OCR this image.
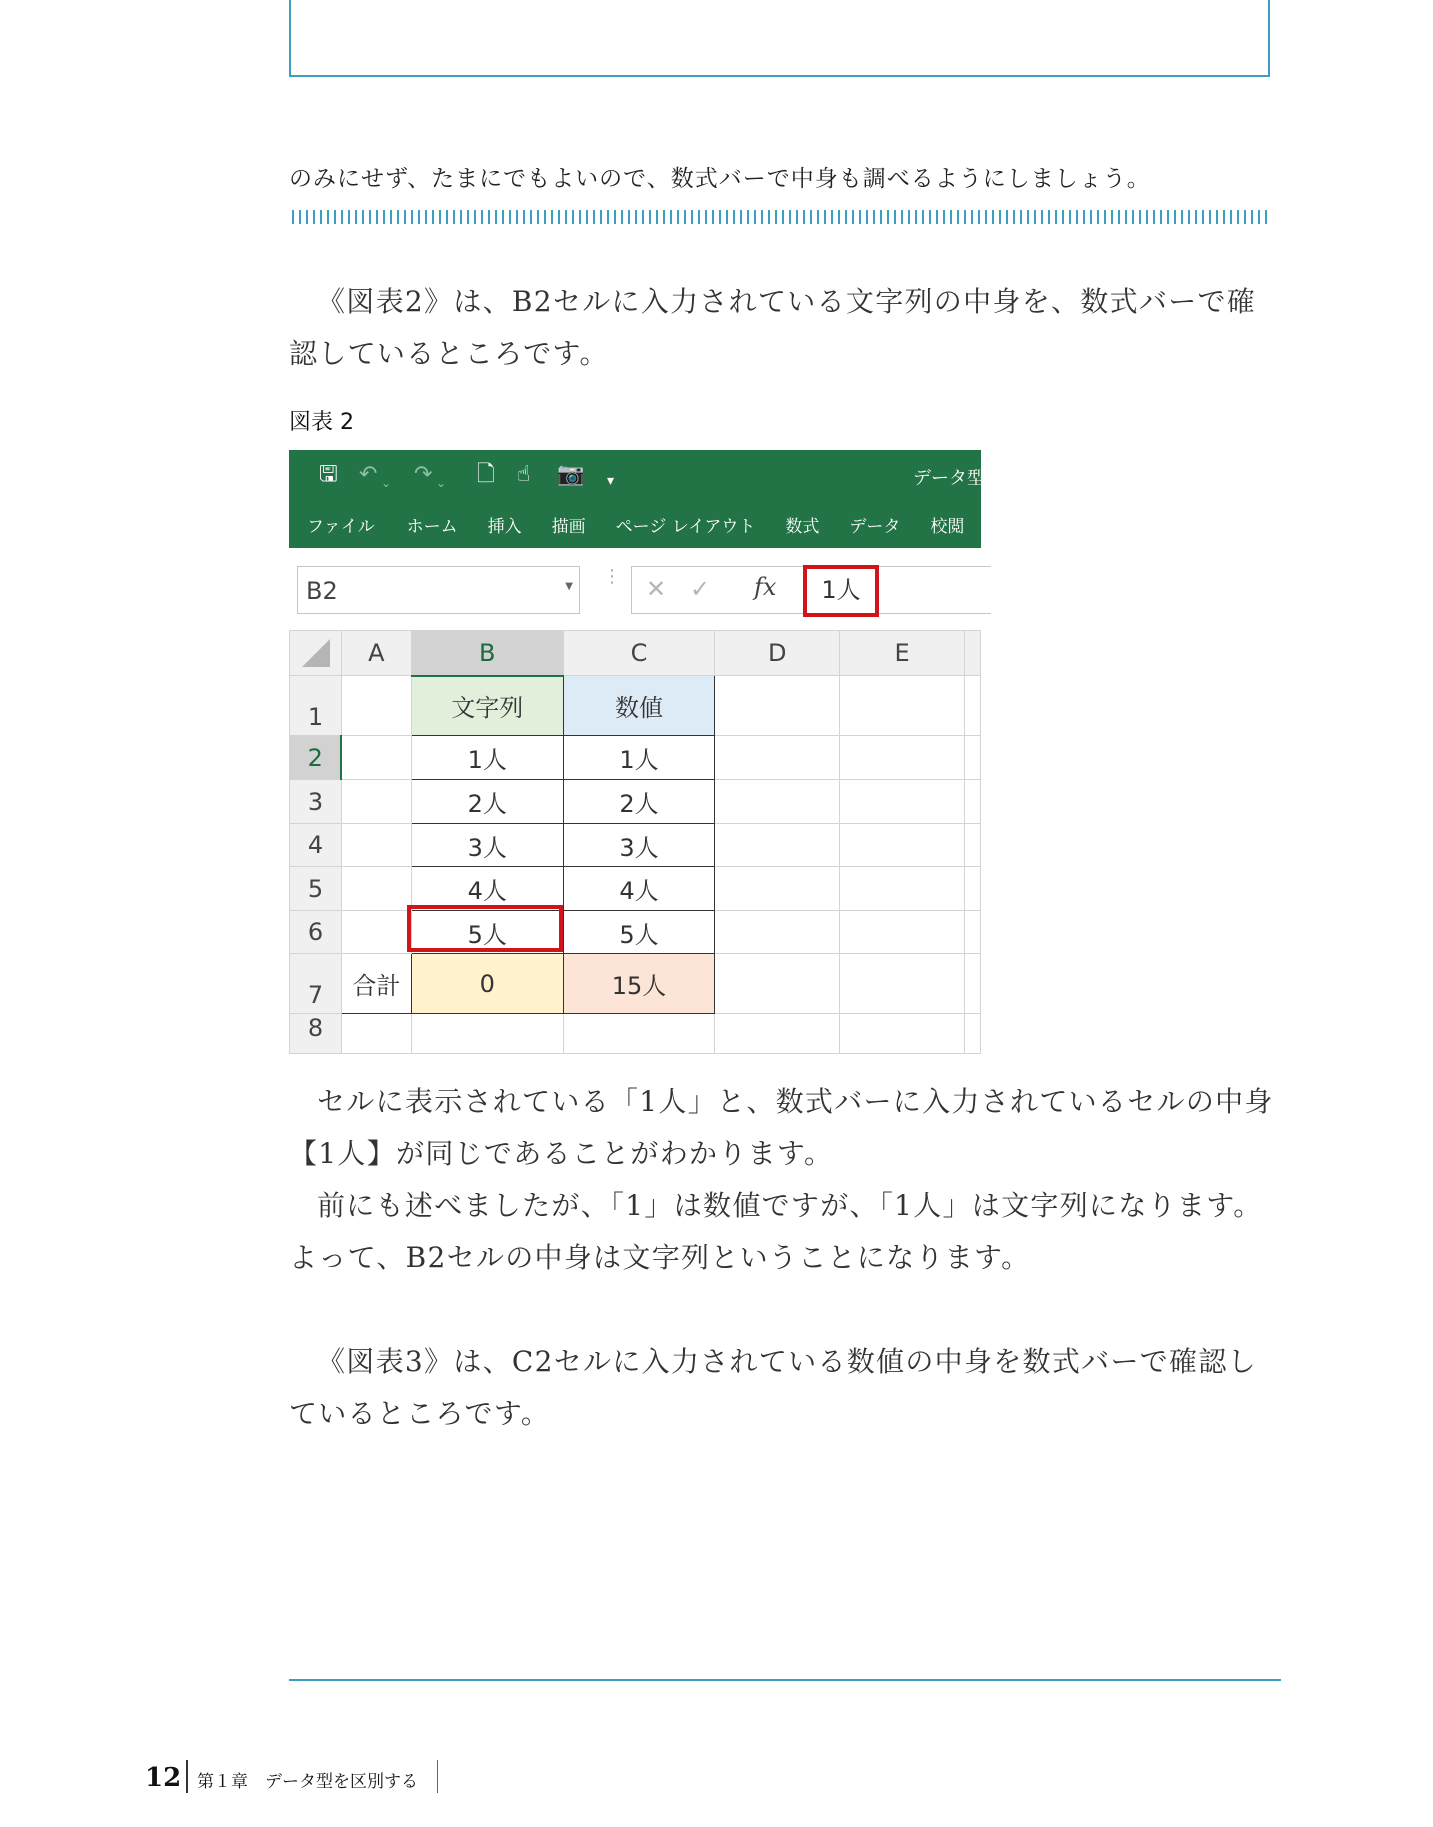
のみにせず、たまにでもよいので、数式バーで中身も調べるようにしましょう。

《図表2》は、B2セルに入力されている文字列の中身を、数式バーで確認しているところです。

図表 2
🖫 ↶ ⌄ ↷ ⌄ 🗋 ☝ 📷 ▾	データ型
ファイル ホーム 挿入 描画 ページ レイアウト 数式 データ 校閲 表
B2	▼ ⋮ ✕ ✓ fx	1人
	A	B	C	D	E	
1		文字列	数値			
2		1人	1人			
3		2人	2人			
4		3人	3人			
5		4人	4人			
6		5人	5人			
7	合計	0	15人			
8						

セルに表示されている「1人」と、数式バーに入力されているセルの中身【1人】が同じであることがわかります。

前にも述べましたが、「1」は数値ですが、「1人」は文字列になります。よって、B2セルの中身は文字列ということになります。

《図表3》は、C2セルに入力されている数値の中身を数式バーで確認しているところです。

12 第１章　データ型を区別する
